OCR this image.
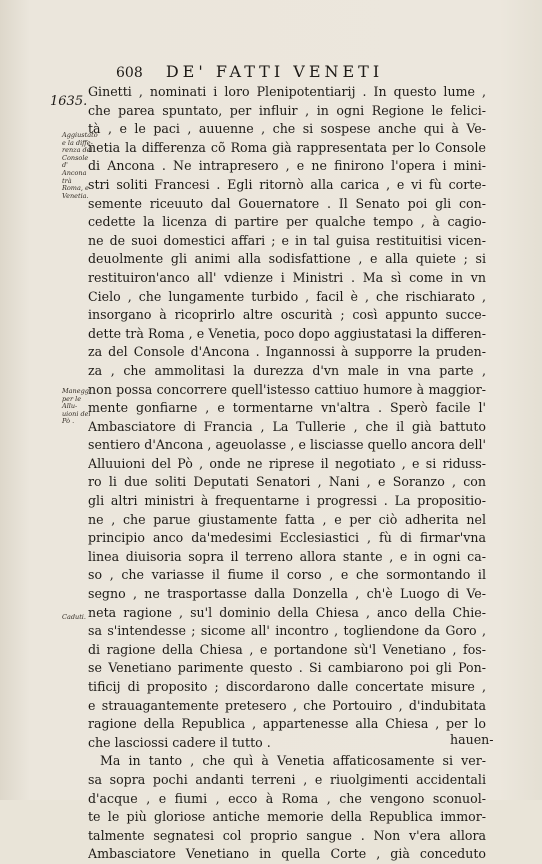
608 DE' FATTI VENETI
1635.
Aggiustato e la diffe- renza del Console d' Ancona trà Roma, e Venetia.
Maneggi per le Allu- uioni del Pò .
Caduti.
Ginetti , nominati i loro Plenipotentiarij . In questo lume ,
che parea spuntato, per influir , in ogni Regione le felici-
tà , e le paci , auuenne , che si sospese anche qui à Ve-
netia la differenza cõ Roma già rappresentata per lo Console
di Ancona . Ne intrapresero , e ne finirono l'opera i mini-
stri soliti Francesi . Egli ritornò alla carica , e vi fù corte-
semente riceuuto dal Gouernatore . Il Senato poi gli con-
cedette la licenza di partire per qualche tempo , à cagio-
ne de suoi domestici affari ; e in tal guisa restituitisi vicen-
deuolmente gli animi alla sodisfattione , e alla quiete ; si
restituiron'anco all' vdienze i Ministri . Ma sì come in vn
Cielo , che lungamente turbido , facil è , che rischiarato ,
insorgano à ricoprirlo altre oscurità ; così appunto succe-
dette trà Roma , e Venetia, poco dopo aggiustatasi la differen-
za del Console d'Ancona . Ingannossi à supporre la pruden-
za , che ammolitasi la durezza d'vn male in vna parte ,
non possa concorrere quell'istesso cattiuo humore à maggior-
mente gonfiarne , e tormentarne vn'altra . Sperò facile l'
Ambasciatore di Francia , La Tullerie , che il già battuto
sentiero d'Ancona , ageuolasse , e lisciasse quello ancora dell'
Alluuioni del Pò , onde ne riprese il negotiato , e si riduss-
ro li due soliti Deputati Senatori , Nani , e Soranzo , con
gli altri ministri à frequentarne i progressi . La propositio-
ne , che parue giustamente fatta , e per ciò adherita nel
principio anco da'medesimi Ecclesiastici , fù di firmar'vna
linea diuisoria sopra il terreno allora stante , e in ogni ca-
so , che variasse il fiume il corso , e che sormontando il
segno , ne trasportasse dalla Donzella , ch'è Luogo di Ve-
neta ragione , su'l dominio della Chiesa , anco della Chie-
sa s'intendesse ; sicome all' incontro , togliendone da Goro ,
di ragione della Chiesa , e portandone sù'l Venetiano , fos-
se Venetiano parimente questo . Si cambiarono poi gli Pon-
tificij di proposito ; discordarono dalle concertate misure ,
e strauagantemente pretesero , che Portouiro , d'indubitata
ragione della Republica , appartenesse alla Chiesa , per lo
che lasciossi cadere il tutto .
Ma in tanto , che quì à Venetia affaticosamente si ver-
sa sopra pochi andanti terreni , e riuolgimenti accidentali
d'acque , e fiumi , ecco à Roma , che vengono sconuol-
te le più gloriose antiche memorie della Republica immor-
talmente segnatesi col proprio sangue . Non v'era allora
Ambasciatore Venetiano in quella Corte , già conceduto
hauen-
